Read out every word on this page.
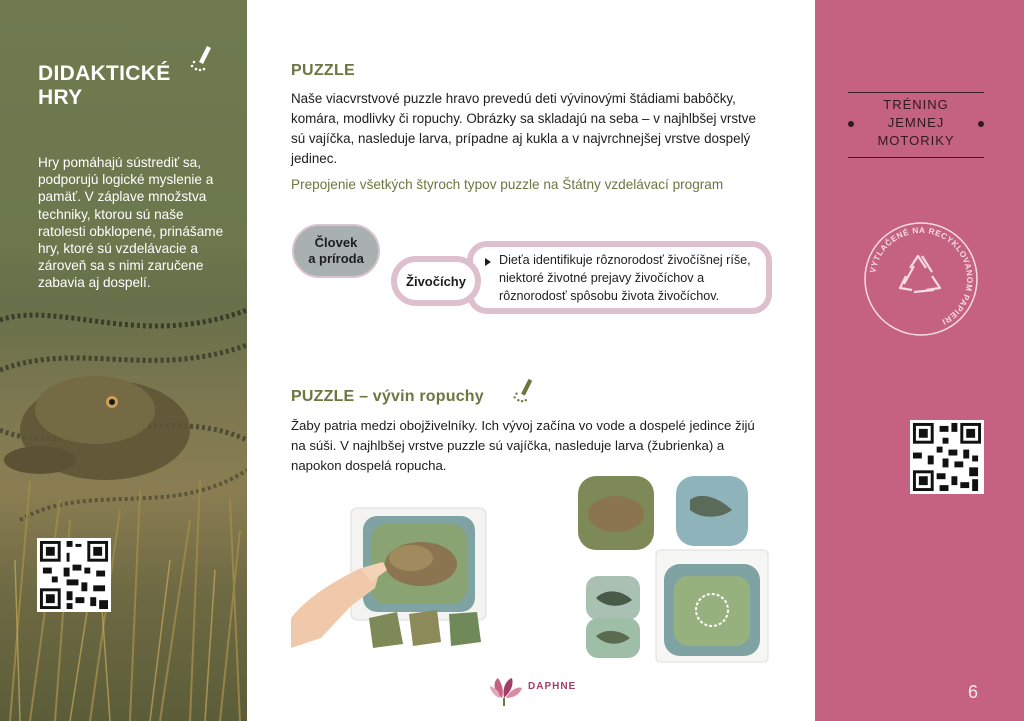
DIDAKTICKÉ
HRY

Hry pomáhajú sústrediť sa, podporujú logické myslenie a pamäť. V záplave množstva techniky, ktorou sú naše ratolesti obklopené, prinášame hry, ktoré sú vzdelávacie a zároveň sa s nimi zaručene zabavia aj dospelí.

PUZZLE

Naše viacvrstvové puzzle hravo prevedú deti vývinovými štádiami babôčky, komára, modlivky či ropuchy. Obrázky sa skladajú na seba – v najhlbšej vrstve sú vajíčka, nasleduje larva, prípadne aj kukla a v najvrchnejšej vrstve dospelý jedinec.

Prepojenie všetkých štyroch typov puzzle na Štátny vzdelávací program

Dieťa identifikuje rôznorodosť živočíšnej ríše, niektoré životné prejavy živočíchov a rôznorodosť spôsobu života živočíchov.

Človek
a príroda
Živočíchy
PUZZLE – vývin ropuchy

Žaby patria medzi obojživelníky. Ich vývoj začína vo vode a dospelé jedince žijú na súši. V najhlbšej vrstve puzzle sú vajíčka, nasleduje larva (žubrienka) a napokon dospelá ropucha.

DAPHNE

TRÉNING
JEMNEJ
MOTORIKY
VYTLAČENÉ NA RECYKLOVANOM PAPIERI
6
